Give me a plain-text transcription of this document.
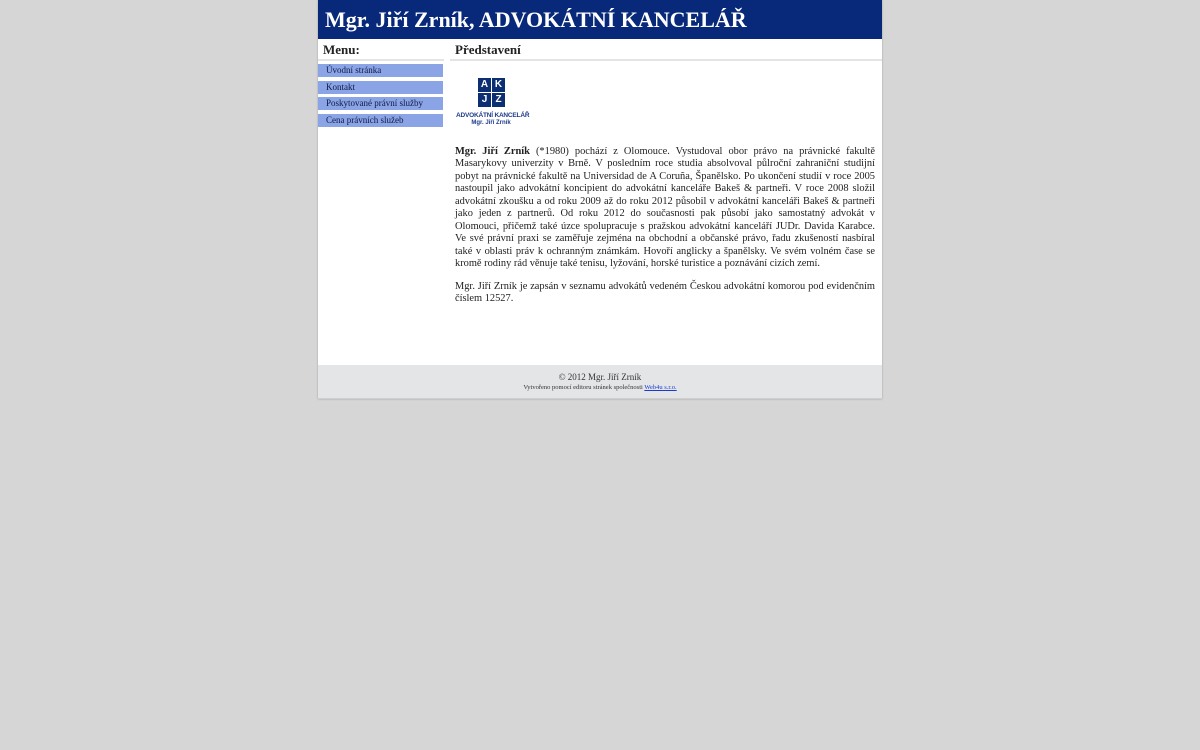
Mgr. Jiří Zrník, ADVOKÁTNÍ KANCELÁŘ
Menu:
Úvodní stránka
Kontakt
Poskytované právní služby
Cena právních služeb
Představení
A K
J Z
ADVOKÁTNÍ KANCELÁŘ
Mgr. Jiří Zrník

Mgr. Jiří Zrník (*1980) pochází z Olomouce. Vystudoval obor právo na právnické fakultě Masarykovy univerzity v Brně. V posledním roce studia absolvoval půlroční zahraniční studijní pobyt na právnické fakultě na Universidad de A Coruña, Španělsko. Po ukončení studií v roce 2005 nastoupil jako advokátní koncipient do advokátní kanceláře Bakeš & partneři. V roce 2008 složil advokátní zkoušku a od roku 2009 až do roku 2012 působil v advokátní kanceláři Bakeš & partneři jako jeden z partnerů. Od roku 2012 do současnosti pak působí jako samostatný advokát v Olomouci, přičemž také úzce spolupracuje s pražskou advokátní kanceláří JUDr. Davida Karabce. Ve své právní praxi se zaměřuje zejména na obchodní a občanské právo, řadu zkušeností nasbíral také v oblasti práv k ochranným známkám. Hovoří anglicky a španělsky. Ve svém volném čase se kromě rodiny rád věnuje také tenisu, lyžování, horské turistice a poznávání cizích zemí.

Mgr. Jiří Zrník je zapsán v seznamu advokátů vedeném Českou advokátní komorou pod evidenčním číslem 12527.

© 2012 Mgr. Jiří Zrník
Vytvořeno pomocí editoru stránek společnosti Web4u s.r.o.
